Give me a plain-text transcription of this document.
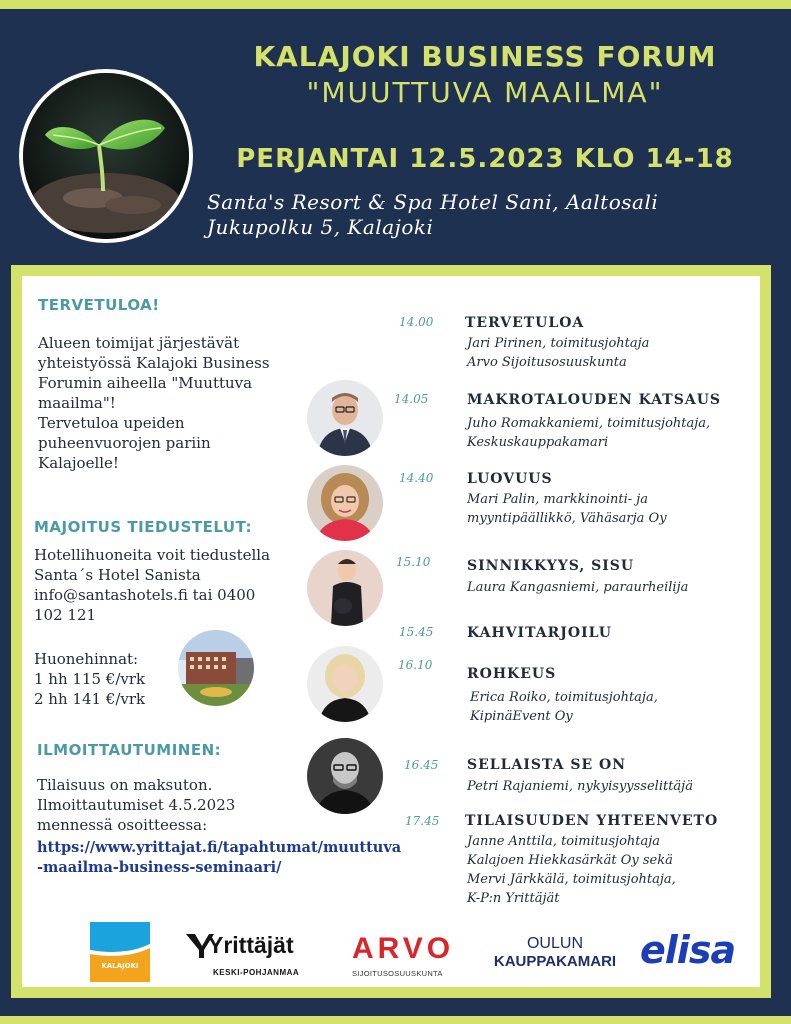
KALAJOKI BUSINESS FORUM
"MUUTTUVA MAAILMA"
PERJANTAI 12.5.2023 KLO 14-18
Santa's Resort & Spa Hotel Sani, Aaltosali
Jukupolku 5, Kalajoki
TERVETULOA!
Alueen toimijat järjestävät
yhteistyössä Kalajoki Business
Forumin aiheella "Muuttuva
maailma"!
Tervetuloa upeiden
puheenvuorojen pariin
Kalajoelle!
MAJOITUS TIEDUSTELUT:
Hotellihuoneita voit tiedustella
Santa´s Hotel Sanista
info@santashotels.fi tai 0400
102 121
Huonehinnat:
1 hh 115 €/vrk
2 hh 141 €/vrk
ILMOITTAUTUMINEN:
Tilaisuus on maksuton.
Ilmoittautumiset 4.5.2023
mennessä osoitteessa:
https://www.yrittajat.fi/tapahtumat/muuttuva
-maailma-business-seminaari/
14.00
14.05
14.40
15.10
15.45
16.10
16.45
17.45
TERVETULOA
Jari Pirinen, toimitusjohtaja
Arvo Sijoitusosuuskunta
MAKROTALOUDEN KATSAUS
Juho Romakkaniemi, toimitusjohtaja,
Keskuskauppakamari
LUOVUUS
Mari Palin, markkinointi- ja
myyntipäällikkö, Vähäsarja Oy
SINNIKKYYS, SISU
Laura Kangasniemi, paraurheilija
KAHVITARJOILU
ROHKEUS
Erica Roiko, toimitusjohtaja,
KipinäEvent Oy
SELLAISTA SE ON
Petri Rajaniemi, nykyisyysselittäjä
TILAISUUDEN YHTEENVETO
Janne Anttila, toimitusjohtaja
Kalajoen Hiekkasärkät Oy sekä
Mervi Järkkälä, toimitusjohtaja,
K-P:n Yrittäjät
KALAJOKI
Yrittäjät
KESKI-POHJANMAA
ARVO
SIJOITUSOSUUSKUNTA
OULUN
KAUPPAKAMARI elisa
